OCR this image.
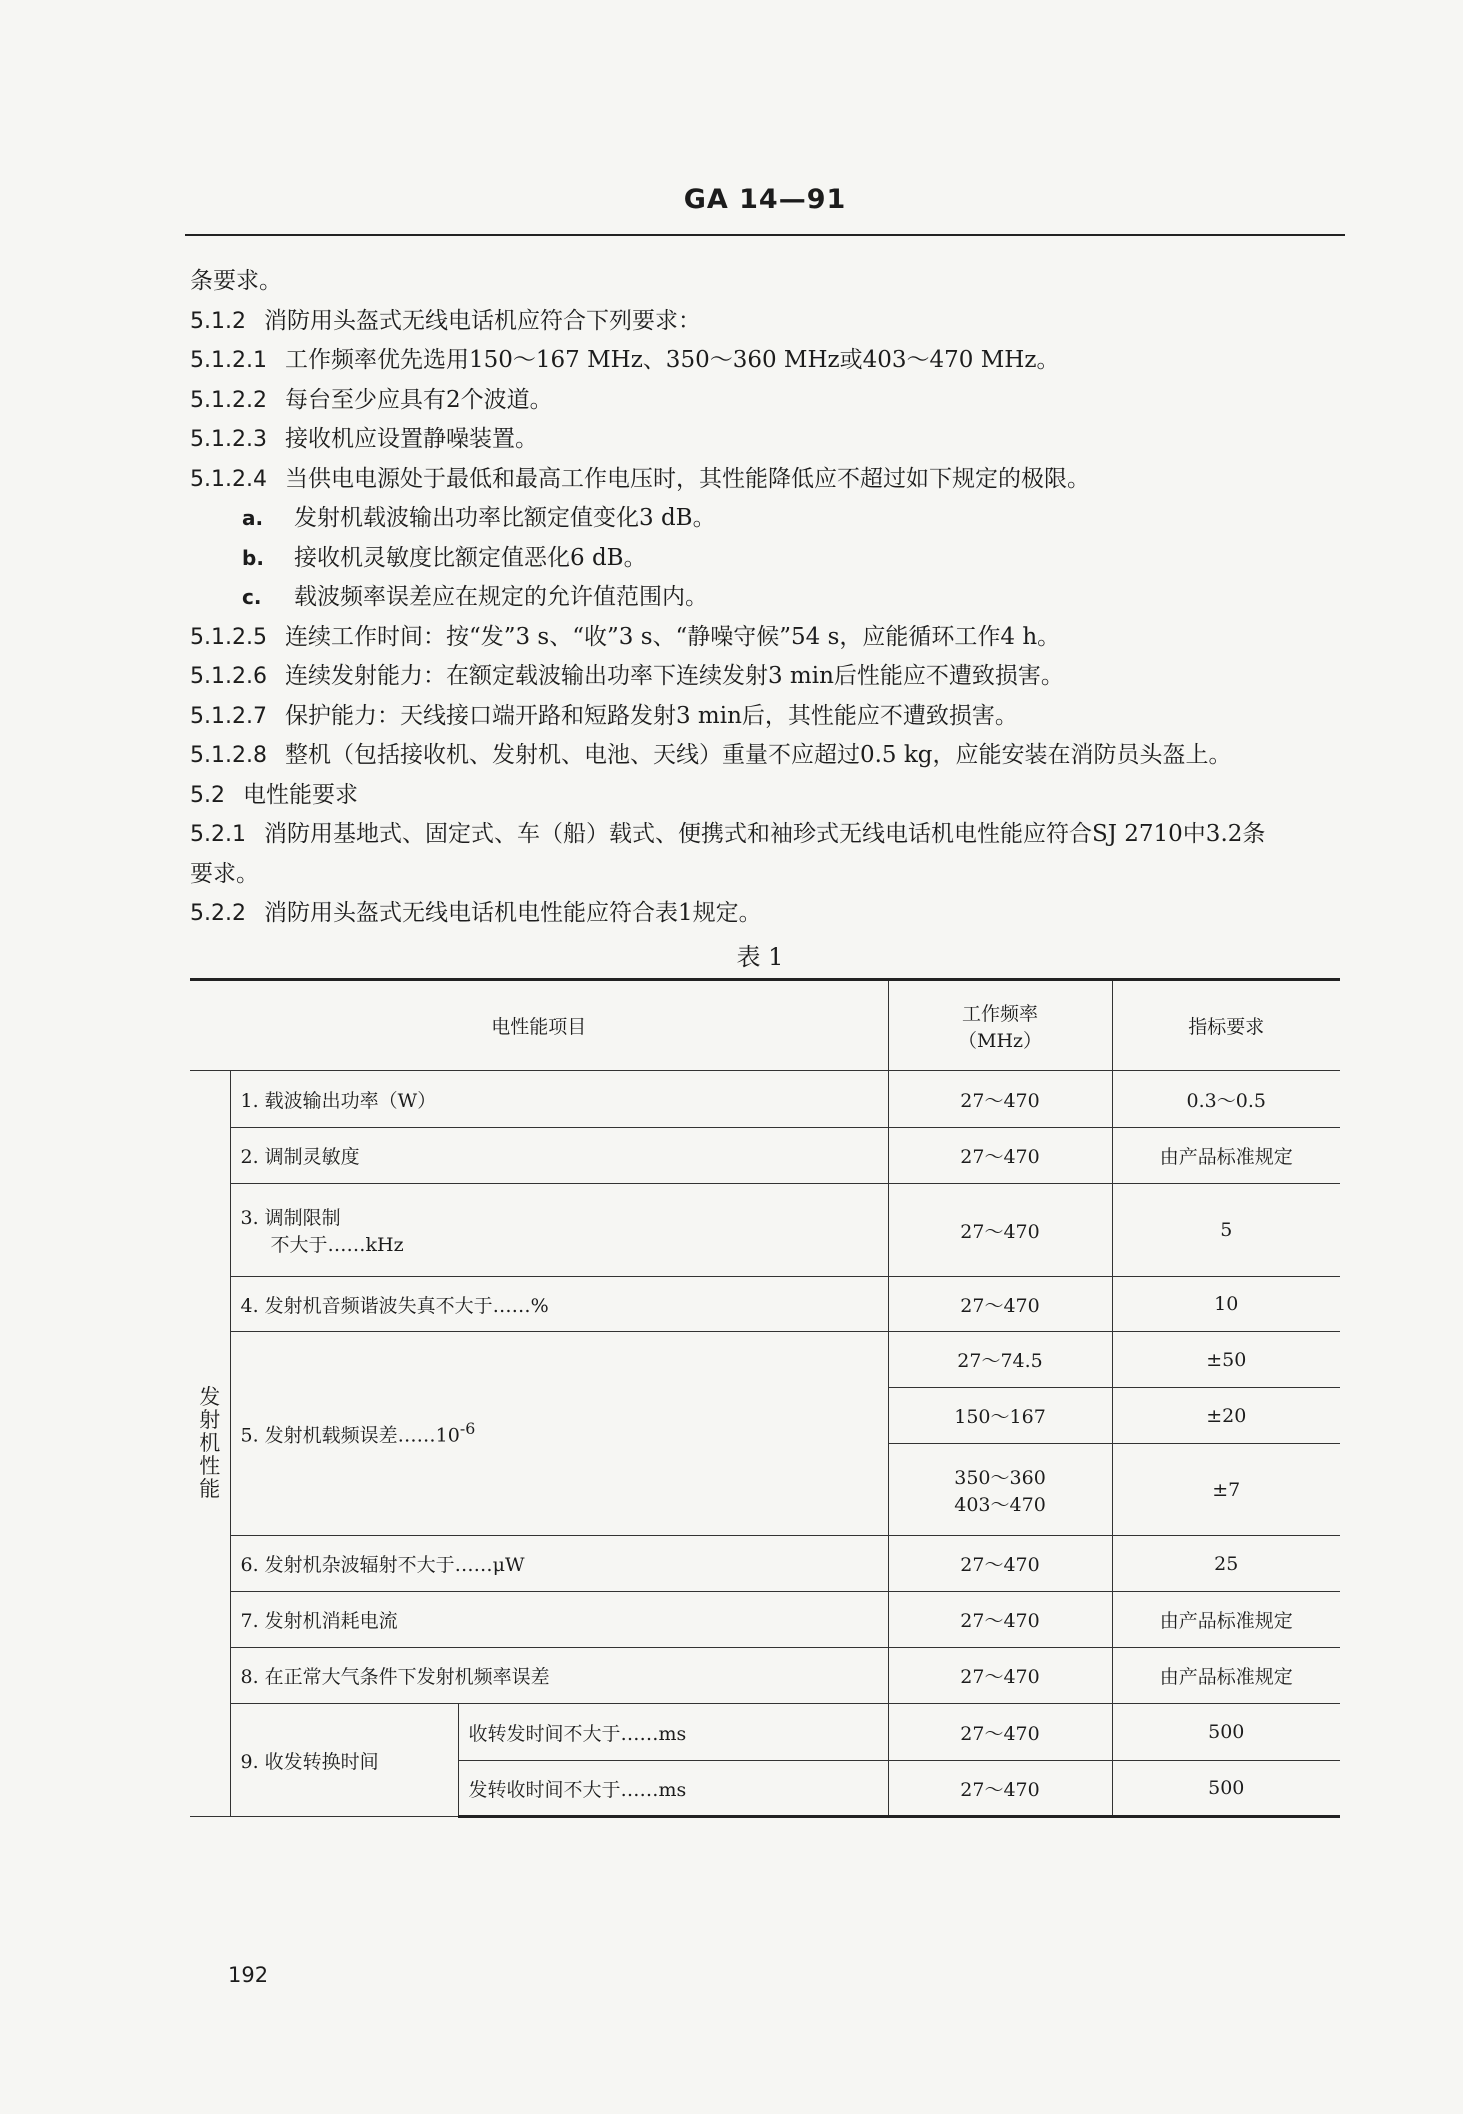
GA 14—91
条要求。
5.1.2 消防用头盔式无线电话机应符合下列要求：
5.1.2.1 工作频率优先选用150～167 MHz、350～360 MHz或403～470 MHz。
5.1.2.2 每台至少应具有2个波道。
5.1.2.3 接收机应设置静噪装置。
5.1.2.4 当供电电源处于最低和最高工作电压时，其性能降低应不超过如下规定的极限。
a. 发射机载波输出功率比额定值变化3 dB。
b. 接收机灵敏度比额定值恶化6 dB。
c. 载波频率误差应在规定的允许值范围内。
5.1.2.5 连续工作时间：按“发”3 s、“收”3 s、“静噪守候”54 s，应能循环工作4 h。
5.1.2.6 连续发射能力：在额定载波输出功率下连续发射3 min后性能应不遭致损害。
5.1.2.7 保护能力：天线接口端开路和短路发射3 min后，其性能应不遭致损害。
5.1.2.8 整机（包括接收机、发射机、电池、天线）重量不应超过0.5 kg，应能安装在消防员头盔上。
5.2 电性能要求
5.2.1 消防用基地式、固定式、车（船）载式、便携式和袖珍式无线电话机电性能应符合SJ 2710中3.2条
要求。
5.2.2 消防用头盔式无线电话机电性能应符合表1规定。
表 1
电性能项目			工作频率
（MHz）	指标要求
发射机性能	1. 载波输出功率（W）		27～470	0.3～0.5
	2. 调制灵敏度		27～470	由产品标准规定
	3. 调制限制
不大于……kHz		27～470	5
	4. 发射机音频谐波失真不大于……%		27～470	10
	5. 发射机载频误差$\dots\dots 10^{-6}$		27～74.5	±50
			150～167	±20
			350～360
403～470	±7
	6. 发射机杂波辐射不大于……μW		27～470	25
	7. 发射机消耗电流		27～470	由产品标准规定
	8. 在正常大气条件下发射机频率误差		27～470	由产品标准规定
	9. 收发转换时间	收转发时间不大于……ms	27～470	500
		发转收时间不大于……ms	27～470	500
192
